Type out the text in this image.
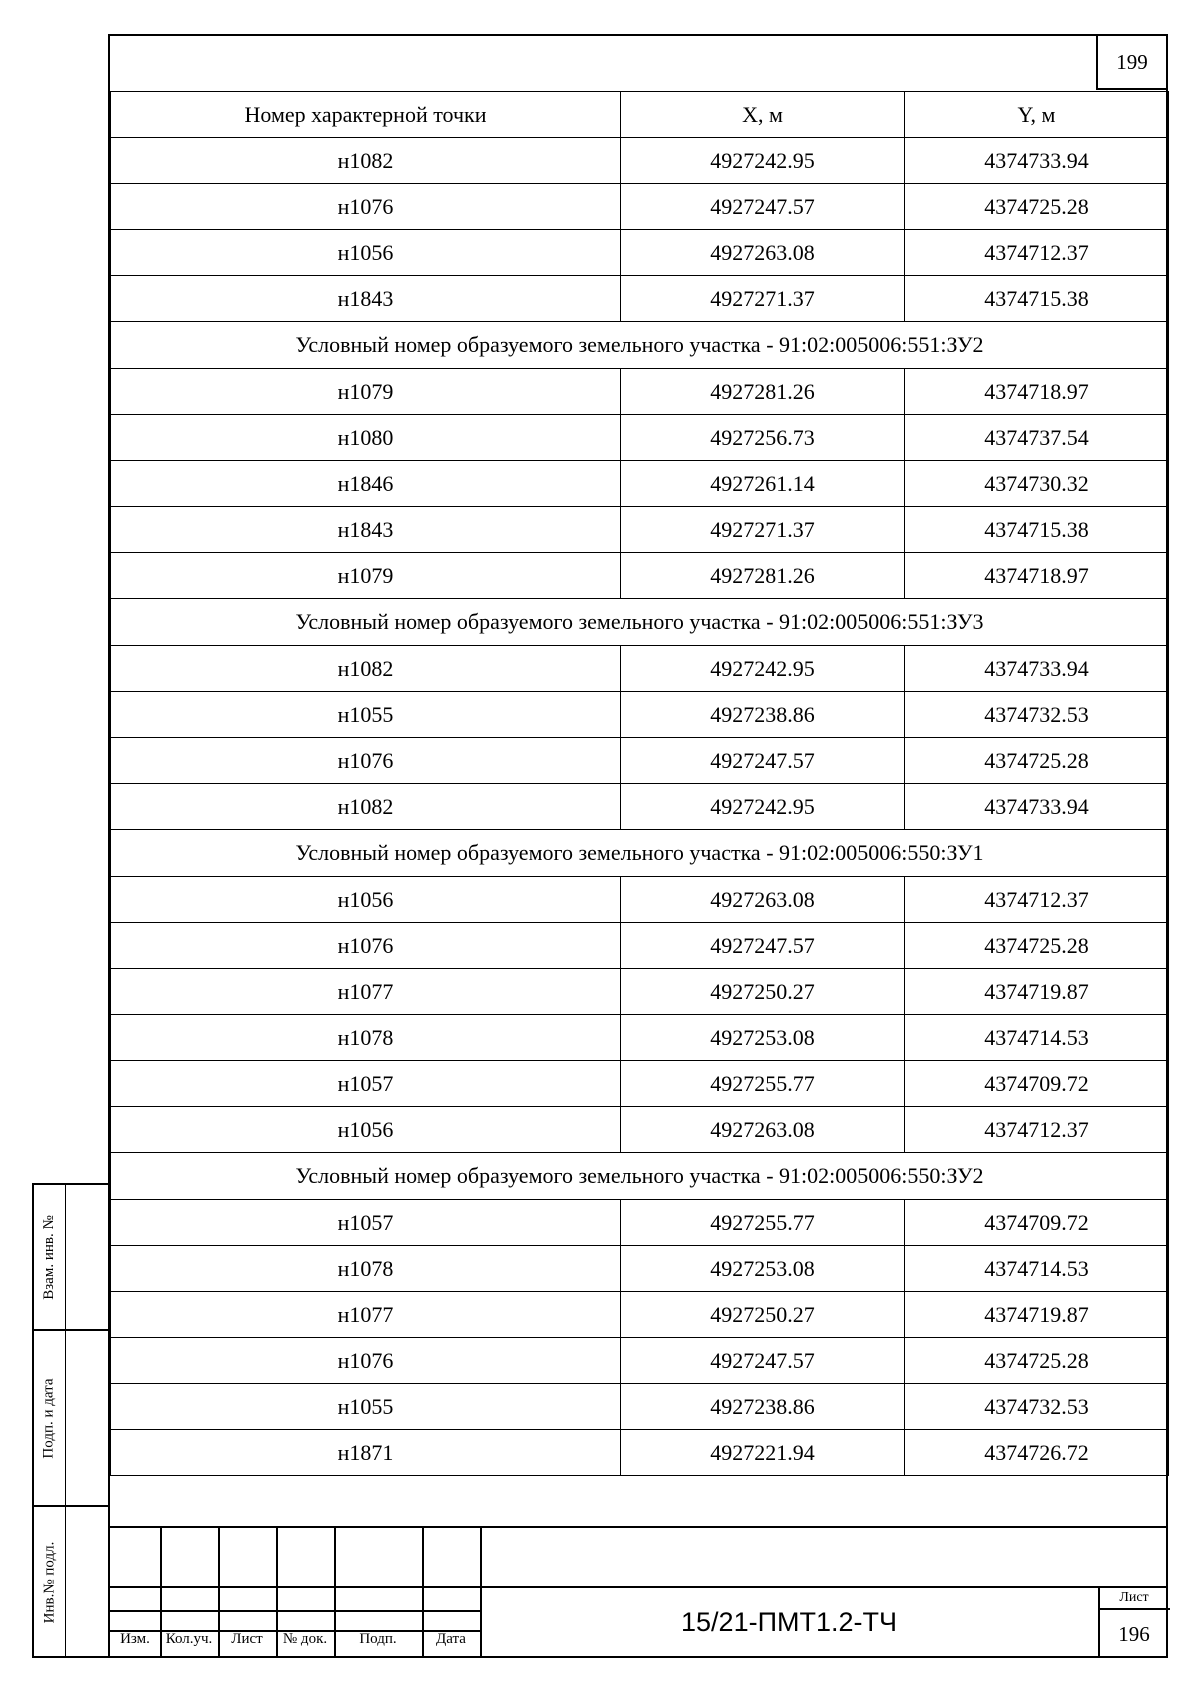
199
Номер характерной точки	X, м	Y, м
н1082	4927242.95	4374733.94
н1076	4927247.57	4374725.28
н1056	4927263.08	4374712.37
н1843	4927271.37	4374715.38
Условный номер образуемого земельного участка - 91:02:005006:551:ЗУ2		
н1079	4927281.26	4374718.97
н1080	4927256.73	4374737.54
н1846	4927261.14	4374730.32
н1843	4927271.37	4374715.38
н1079	4927281.26	4374718.97
Условный номер образуемого земельного участка - 91:02:005006:551:ЗУ3		
н1082	4927242.95	4374733.94
н1055	4927238.86	4374732.53
н1076	4927247.57	4374725.28
н1082	4927242.95	4374733.94
Условный номер образуемого земельного участка - 91:02:005006:550:ЗУ1		
н1056	4927263.08	4374712.37
н1076	4927247.57	4374725.28
н1077	4927250.27	4374719.87
н1078	4927253.08	4374714.53
н1057	4927255.77	4374709.72
н1056	4927263.08	4374712.37
Условный номер образуемого земельного участка - 91:02:005006:550:ЗУ2		
н1057	4927255.77	4374709.72
н1078	4927253.08	4374714.53
н1077	4927250.27	4374719.87
н1076	4927247.57	4374725.28
н1055	4927238.86	4374732.53
н1871	4927221.94	4374726.72
Изм.	Кол.уч.	Лист	№ док.	Подп.	Дата
15/21-ПМТ1.2-ТЧ
Лист
196
Взам. инв. №
Подп. и дата
Инв.№ подл.
